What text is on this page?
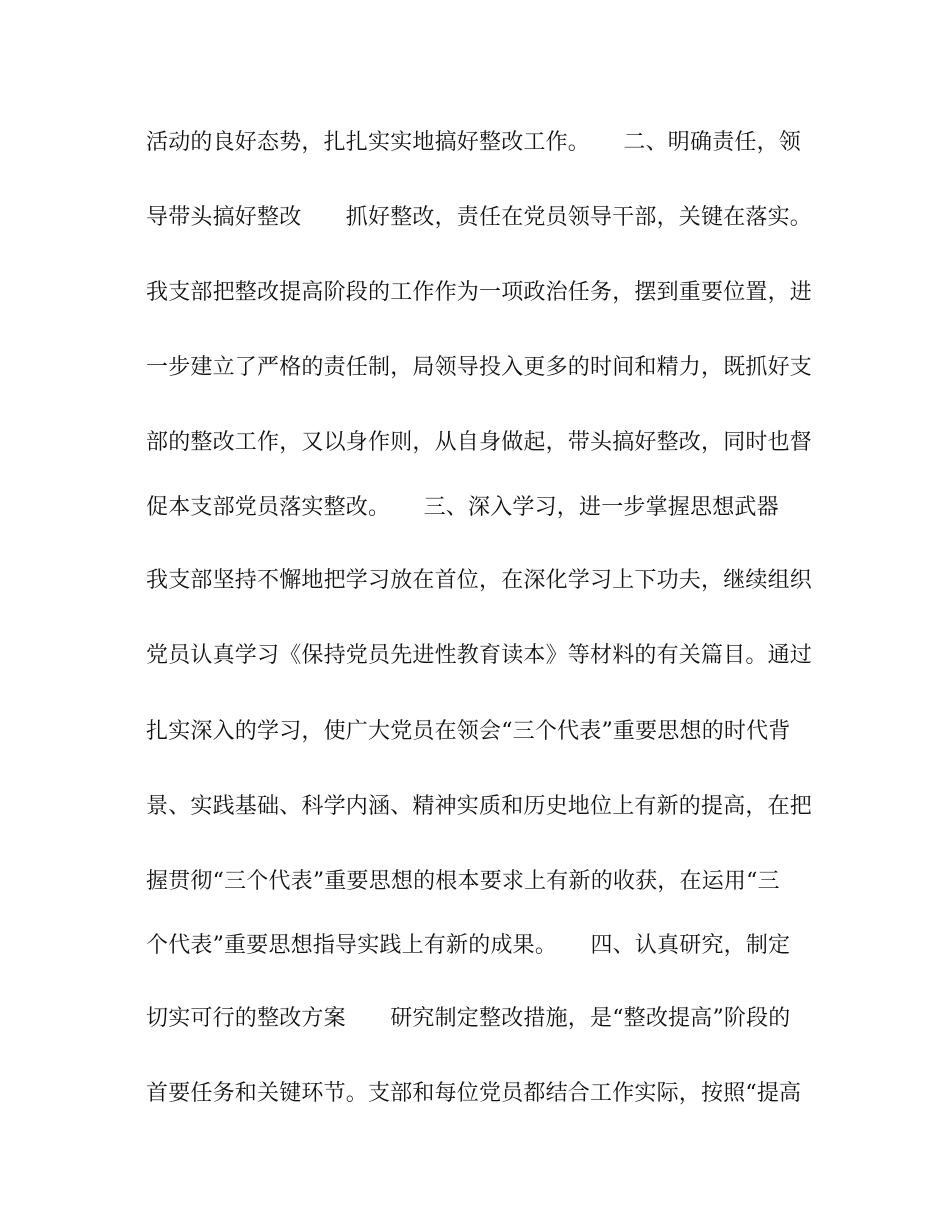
活动的良好态势，扎扎实实地搞好整改工作。　　二、明确责任，领
导带头搞好整改　　抓好整改，责任在党员领导干部，关键在落实。
我支部把整改提高阶段的工作作为一项政治任务，摆到重要位置，进
一步建立了严格的责任制，局领导投入更多的时间和精力，既抓好支
部的整改工作，又以身作则，从自身做起，带头搞好整改，同时也督
促本支部党员落实整改。　　三、深入学习，进一步掌握思想武器
我支部坚持不懈地把学习放在首位，在深化学习上下功夫，继续组织
党员认真学习《保持党员先进性教育读本》等材料的有关篇目。通过
扎实深入的学习，使广大党员在领会“三个代表”重要思想的时代背
景、实践基础、科学内涵、精神实质和历史地位上有新的提高，在把
握贯彻“三个代表”重要思想的根本要求上有新的收获，在运用“三
个代表”重要思想指导实践上有新的成果。　　四、认真研究，制定
切实可行的整改方案　　研究制定整改措施，是“整改提高”阶段的
首要任务和关键环节。支部和每位党员都结合工作实际，按照“提高
